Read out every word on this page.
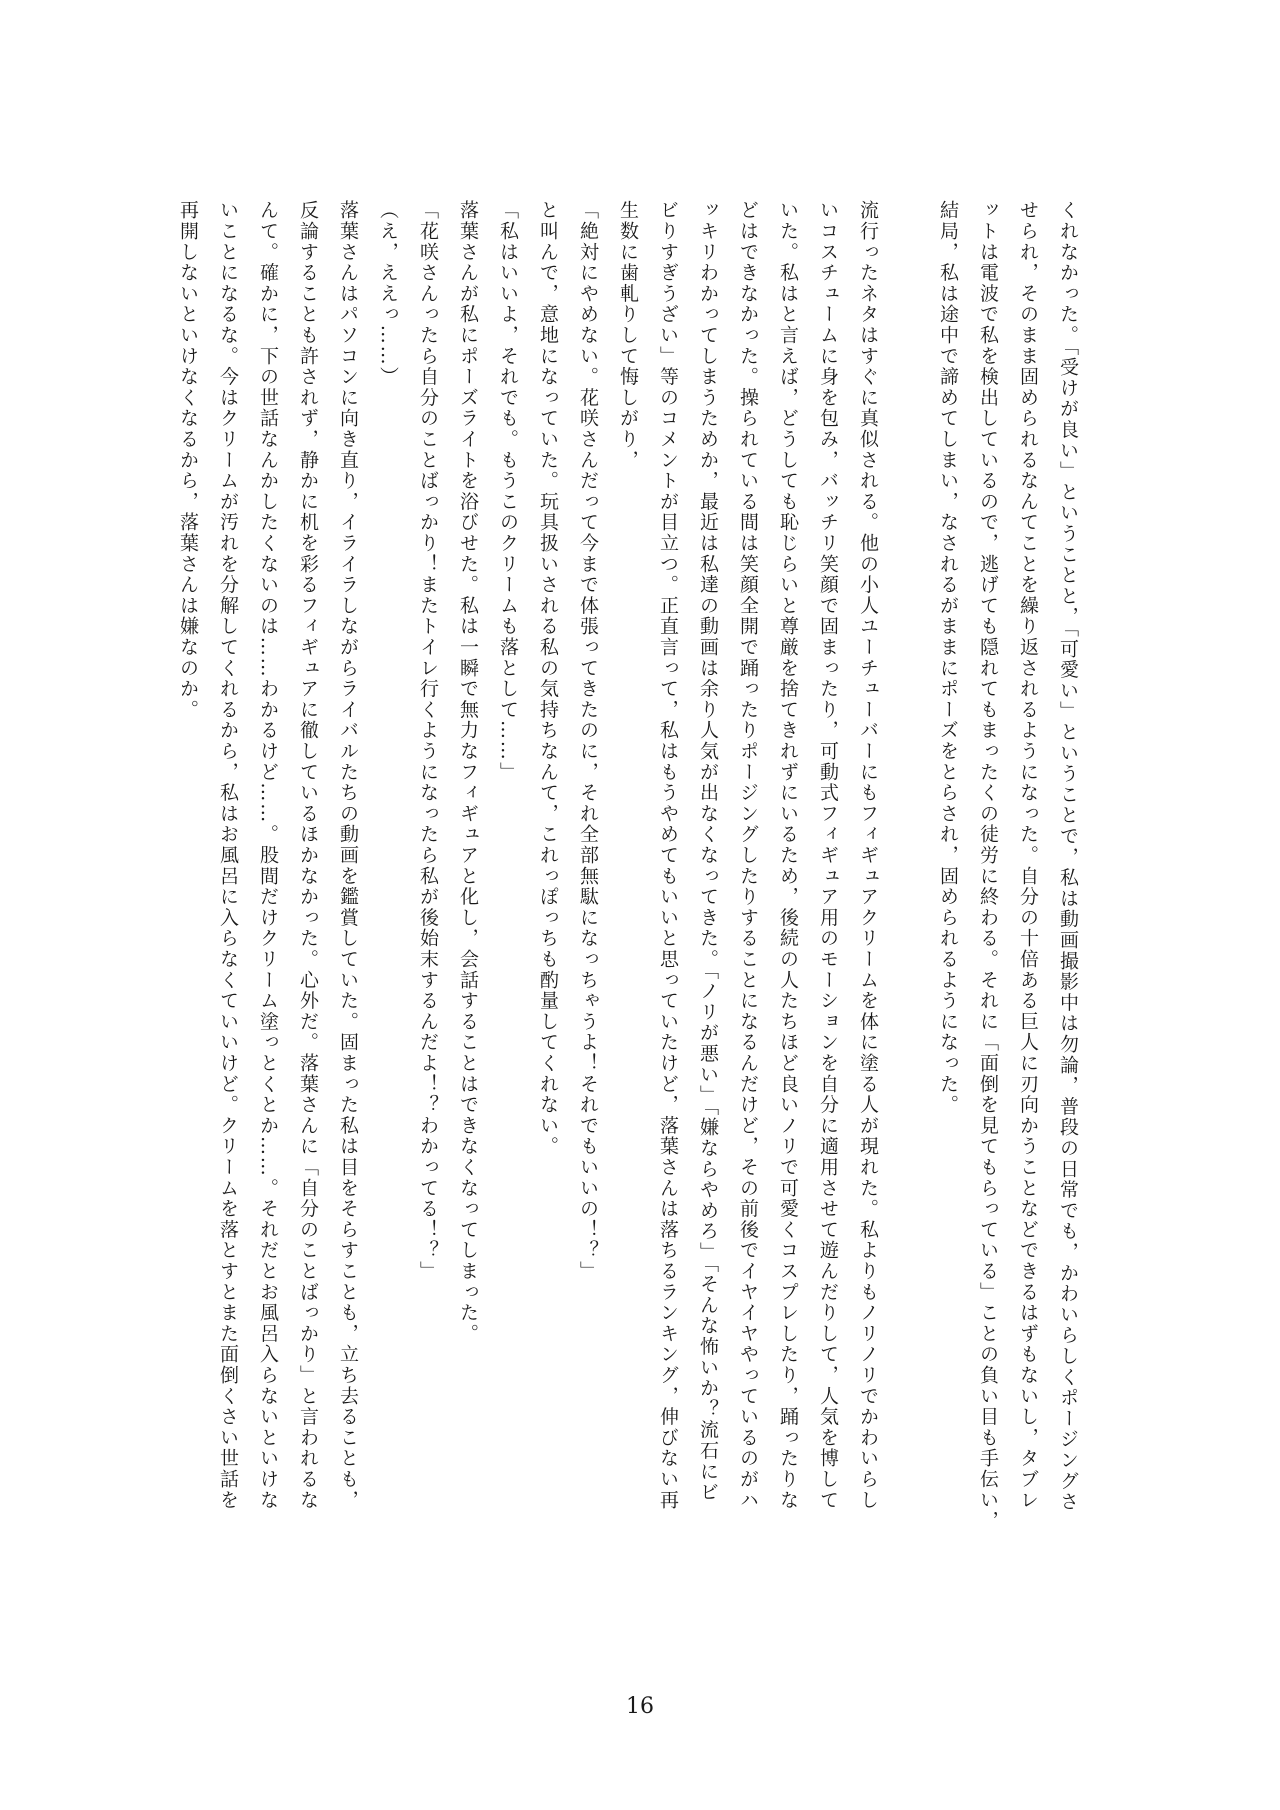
くれなかった。「受けが良い」ということと，「可愛い」ということで，私は動画撮影中は勿論，普段の日常でも，かわいらしくポージングさ
せられ，そのまま固められるなんてことを繰り返されるようになった。自分の十倍ある巨人に刃向かうことなどできるはずもないし，タブレ
ットは電波で私を検出しているので，逃げても隠れてもまったくの徒労に終わる。それに「面倒を見てもらっている」ことの負い目も手伝い，
結局，私は途中で諦めてしまい，なされるがままにポーズをとらされ，固められるようになった。

流行ったネタはすぐに真似される。他の小人ユーチューバーにもフィギュアクリームを体に塗る人が現れた。私よりもノリノリでかわいらし
いコスチュームに身を包み，バッチリ笑顔で固まったり，可動式フィギュア用のモーションを自分に適用させて遊んだりして，人気を博して
いた。私はと言えば，どうしても恥じらいと尊厳を捨てきれずにいるため，後続の人たちほど良いノリで可愛くコスプレしたり，踊ったりな
どはできなかった。操られている間は笑顔全開で踊ったりポージングしたりすることになるんだけど，その前後でイヤイヤやっているのがハ
ッキリわかってしまうためか，最近は私達の動画は余り人気が出なくなってきた。「ノリが悪い」「嫌ならやめろ」「そんな怖いか？流石にビ
ビりすぎうざい」等のコメントが目立つ。正直言って，私はもうやめてもいいと思っていたけど，落葉さんは落ちるランキング，伸びない再
生数に歯軋りして悔しがり，
「絶対にやめない。花咲さんだって今まで体張ってきたのに，それ全部無駄になっちゃうよ！それでもいいの！？」
と叫んで，意地になっていた。玩具扱いされる私の気持ちなんて，これっぽっちも酌量してくれない。
「私はいいよ，それでも。もうこのクリームも落として……」
落葉さんが私にポーズライトを浴びせた。私は一瞬で無力なフィギュアと化し，会話することはできなくなってしまった。
「花咲さんったら自分のことばっかり！またトイレ行くようになったら私が後始末するんだよ！？わかってる！？」
（え，ええっ……）
落葉さんはパソコンに向き直り，イライラしながらライバルたちの動画を鑑賞していた。固まった私は目をそらすことも，立ち去ることも，
反論することも許されず，静かに机を彩るフィギュアに徹しているほかなかった。心外だ。落葉さんに「自分のことばっかり」と言われるな
んて。確かに，下の世話なんかしたくないのは……わかるけど……。股間だけクリーム塗っとくとか……。それだとお風呂入らないといけな
いことになるな。今はクリームが汚れを分解してくれるから，私はお風呂に入らなくていいけど。クリームを落とすとまた面倒くさい世話を
再開しないといけなくなるから，落葉さんは嫌なのか。
16
